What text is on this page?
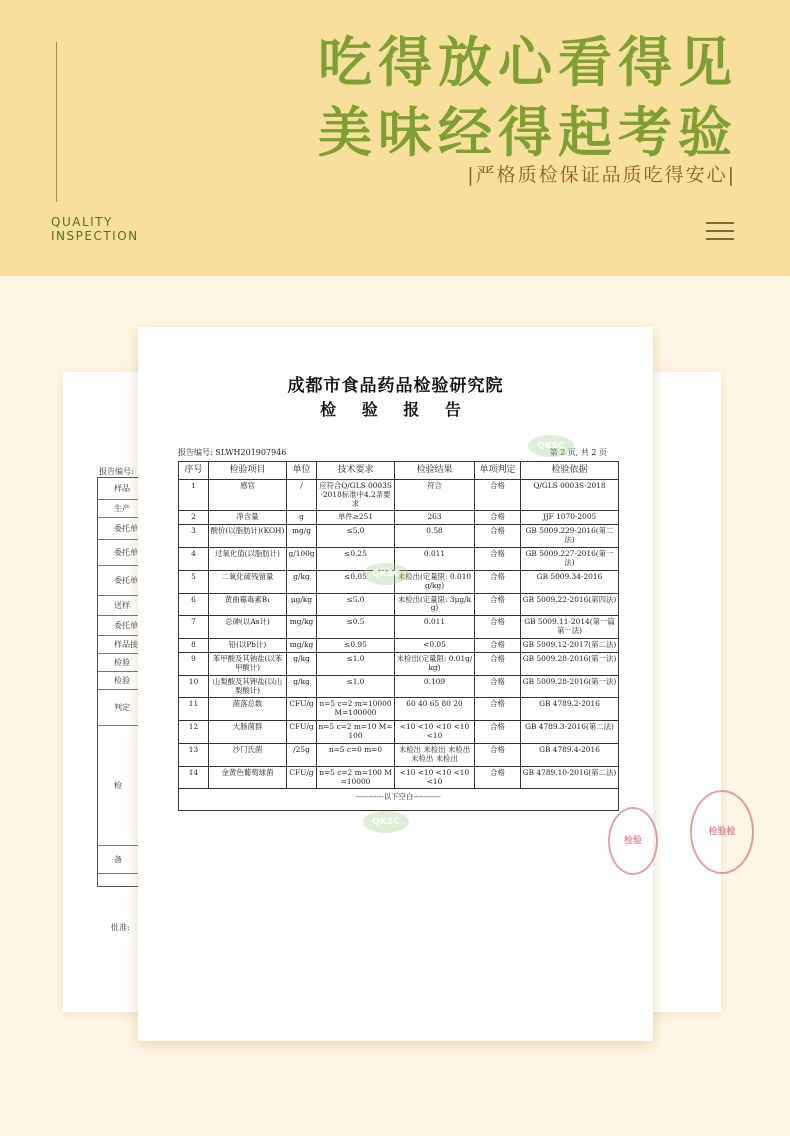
吃得放心看得见
美味经得起考验
|严格质检保证品质吃得安心|
QUALITY
INSPECTION
报告编号:
样品
生产
委托单
委托单
委托单
送样
委托单
样品接
检验
检验
判定
检
备
批准:
检验检
成都市食品药品检验研究院
检 验 报 告
报告编号: SLWH201907946	第 2 页, 共 2 页
序号	检验项目	单位	技术要求	检验结果	单项判定	检验依据
1	感官	/	应符合Q/GLS 0003S-2018标准中4.2条要求	符合	合格	Q/GLS 0003S-2018
2	净含量	g	单件≥251	263	合格	JJF 1070-2005
3	酸价(以脂肪计)(KOH)	mg/g	≤5.0	0.58	合格	GB 5009.229-2016(第二法)
4	过氧化值(以脂肪计)	g/100g	≤0.25	0.011	合格	GB 5009.227-2016(第一法)
5	二氧化硫残留量	g/kg	≤0.05	未检出(定量限: 0.010g/kg)	合格	GB 5009.34-2016
6	黄曲霉毒素B₁	μg/kg	≤5.0	未检出(定量限: 3μg/kg)	合格	GB 5009.22-2016(第四法)
7	总砷(以As计)	mg/kg	≤0.5	0.011	合格	GB 5009.11-2014(第一篇 第一法)
8	铅(以Pb计)	mg/kg	≤0.95	<0.05	合格	GB 5009.12-2017(第二法)
9	苯甲酸及其钠盐(以苯甲酸计)	g/kg	≤1.0	未检出(定量限: 0.01g/kg)	合格	GB 5009.28-2016(第一法)
10	山梨酸及其钾盐(以山梨酸计)	g/kg	≤1.0	0.109	合格	GB 5009.28-2016(第一法)
11	菌落总数	CFU/g	n=5 c=2 m=10000 M=100000	60 40 65 80 20	合格	GB 4789.2-2016
12	大肠菌群	CFU/g	n=5 c=2 m=10 M=100	<10 <10 <10 <10 <10	合格	GB 4789.3-2016(第二法)
13	沙门氏菌	/25g	n=5 c=0 m=0	未检出 未检出 未检出 未检出 未检出	合格	GB 4789.4-2016
14	金黄色葡萄球菌	CFU/g	n=5 c=2 m=100 M=10000	<10 <10 <10 <10 <10	合格	GB 4789.10-2016(第二法)
-----------以下空白-----------						
检验
QKSC
QKSC
QKSC
